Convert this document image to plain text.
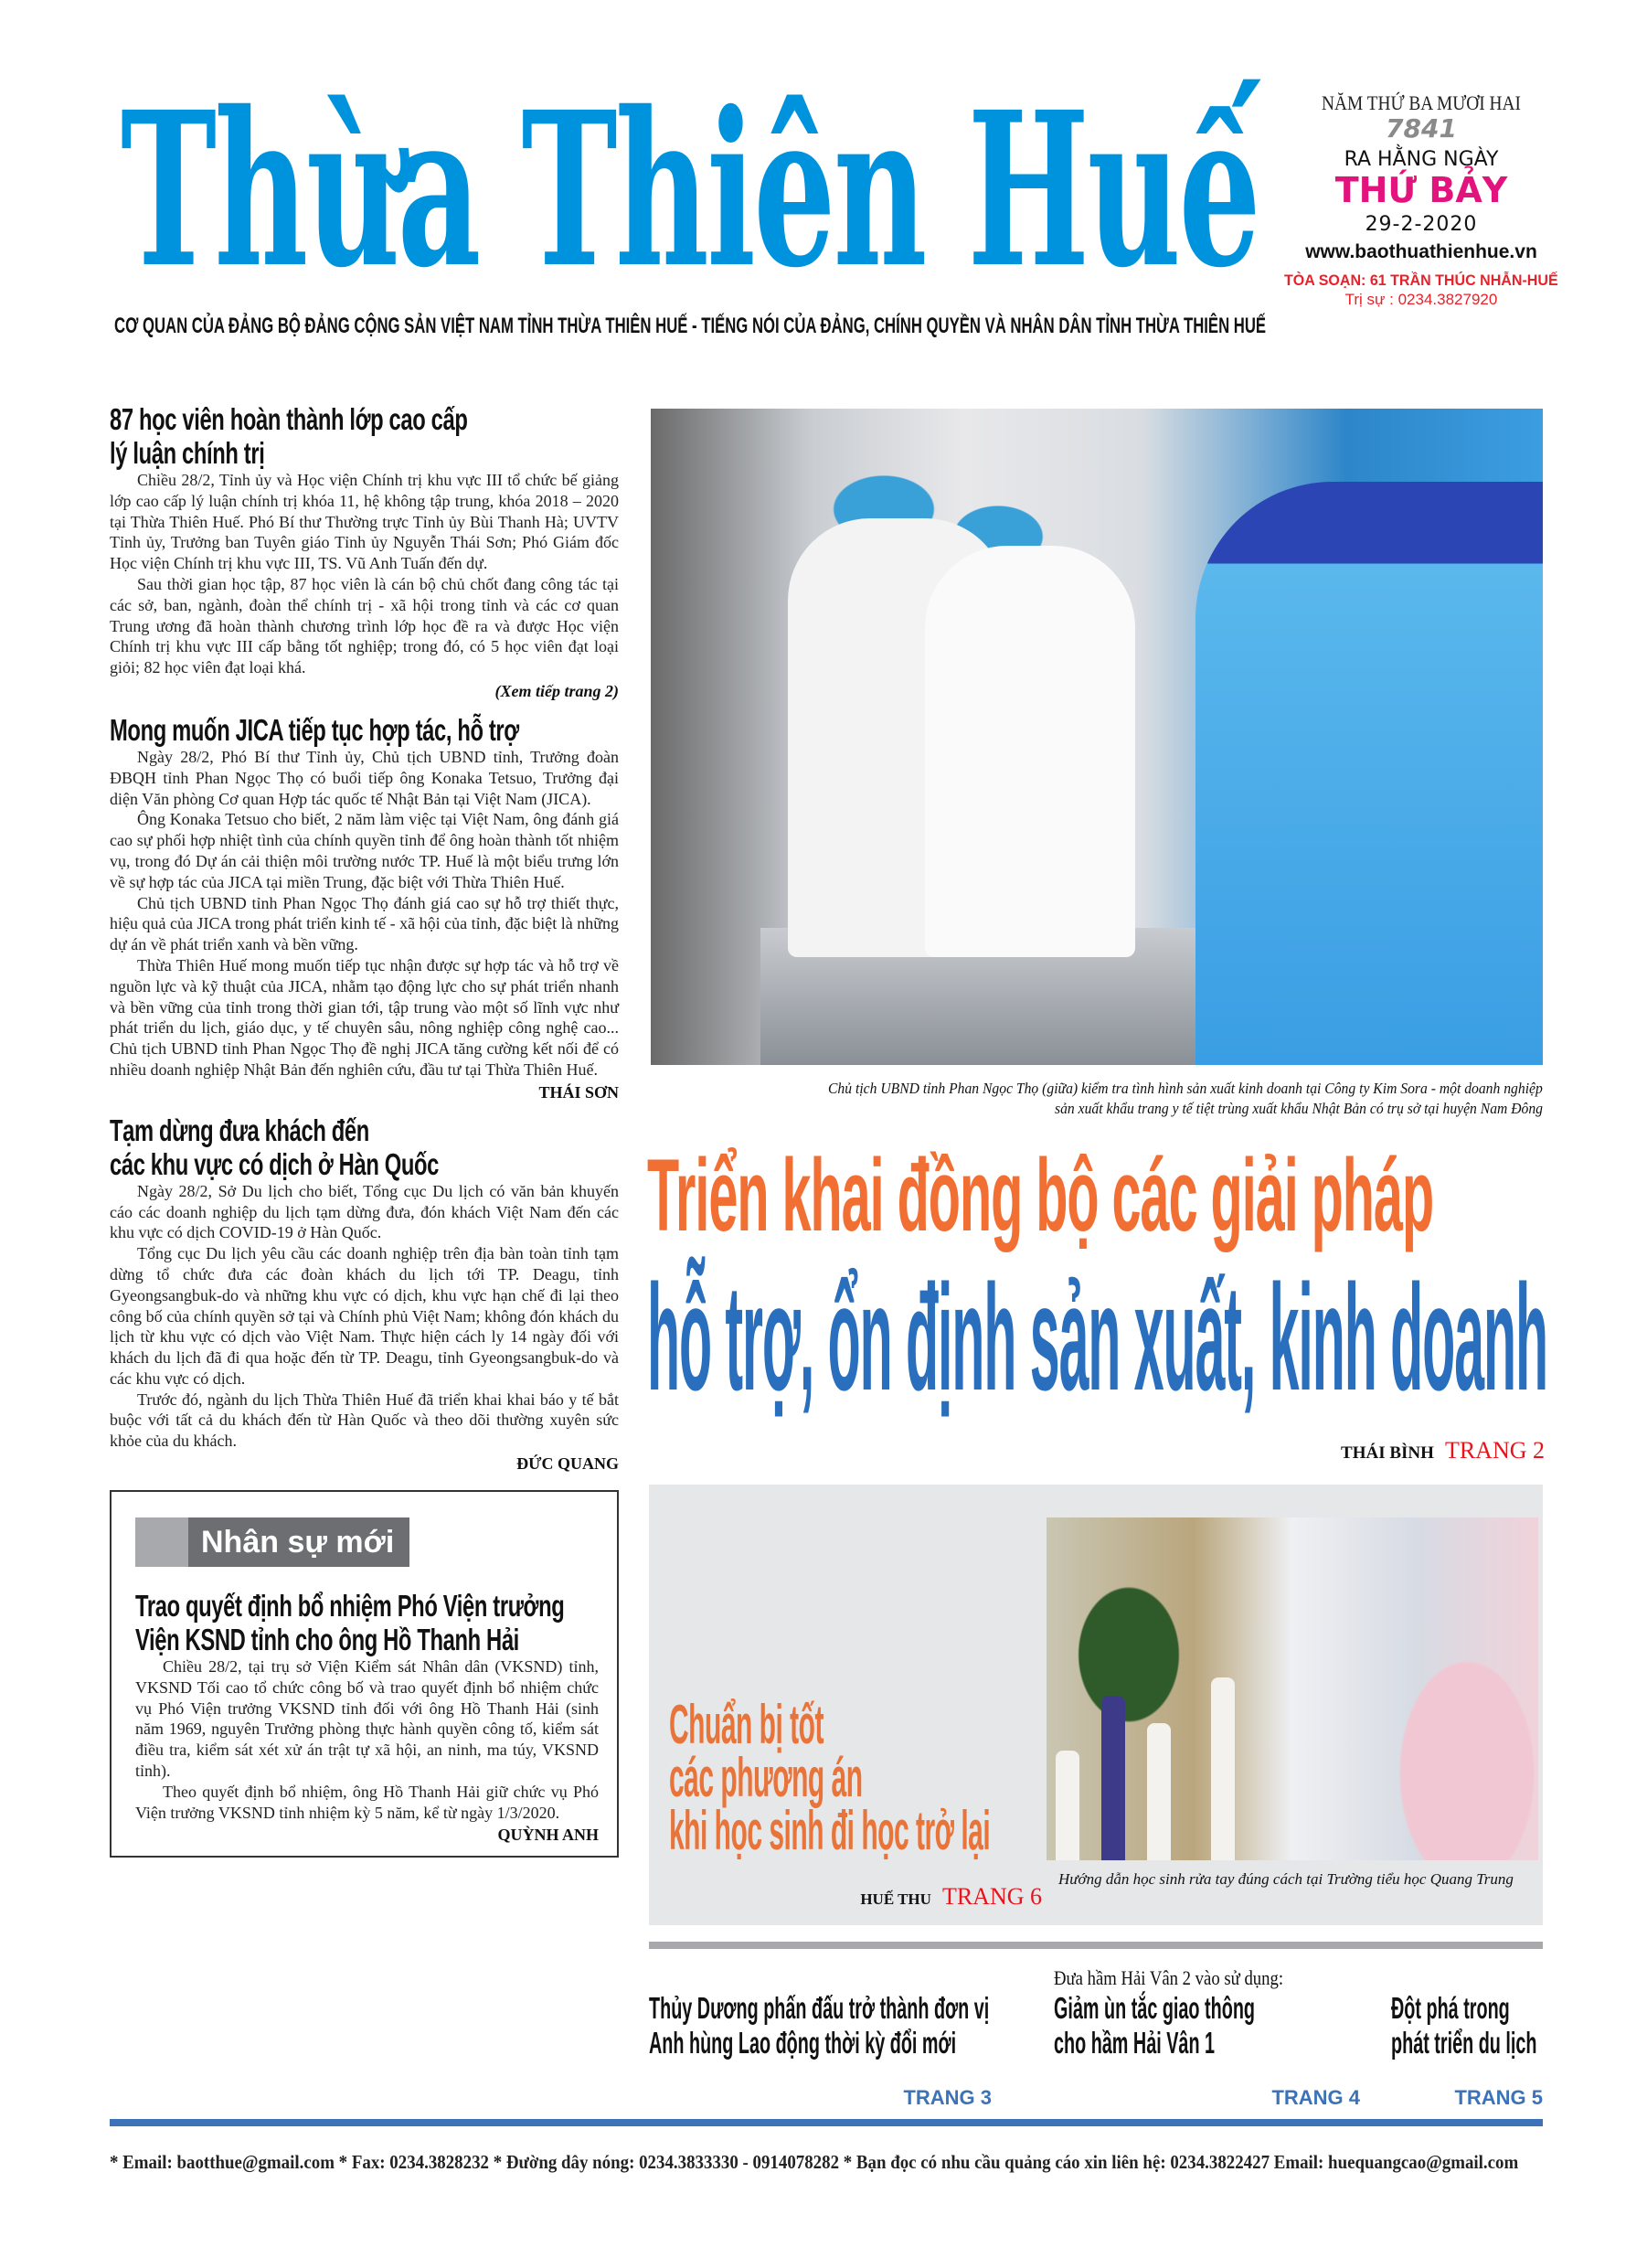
Thừa Thiên Huế	NĂM THỨ BA MƯƠI HAI
7841
RA HẰNG NGÀY
THỨ BẢY
29-2-2020
www.baothuathienhue.vn
TÒA SOẠN: 61 TRẦN THÚC NHẪN-HUẾ
Trị sự : 0234.3827920
CƠ QUAN CỦA ĐẢNG BỘ ĐẢNG CỘNG SẢN VIỆT NAM TỈNH THỪA THIÊN HUẾ - TIẾNG NÓI CỦA ĐẢNG, CHÍNH QUYỀN VÀ NHÂN DÂN TỈNH THỪA THIÊN HUẾ
87 học viên hoàn thành lớp cao cấp
lý luận chính trị

Chiều 28/2, Tỉnh ủy và Học viện Chính trị khu vực III tổ chức bế giảng lớp cao cấp lý luận chính trị khóa 11, hệ không tập trung, khóa 2018 – 2020 tại Thừa Thiên Huế. Phó Bí thư Thường trực Tỉnh ủy Bùi Thanh Hà; UVTV Tỉnh ủy, Trưởng ban Tuyên giáo Tỉnh ủy Nguyễn Thái Sơn; Phó Giám đốc Học viện Chính trị khu vực III, TS. Vũ Anh Tuấn đến dự.

Sau thời gian học tập, 87 học viên là cán bộ chủ chốt đang công tác tại các sở, ban, ngành, đoàn thể chính trị - xã hội trong tỉnh và các cơ quan Trung ương đã hoàn thành chương trình lớp học đề ra và được Học viện Chính trị khu vực III cấp bằng tốt nghiệp; trong đó, có 5 học viên đạt loại giỏi; 82 học viên đạt loại khá.

(Xem tiếp trang 2)
Mong muốn JICA tiếp tục hợp tác, hỗ trợ

Ngày 28/2, Phó Bí thư Tỉnh ủy, Chủ tịch UBND tỉnh, Trưởng đoàn ĐBQH tỉnh Phan Ngọc Thọ có buổi tiếp ông Konaka Tetsuo, Trưởng đại diện Văn phòng Cơ quan Hợp tác quốc tế Nhật Bản tại Việt Nam (JICA).

Ông Konaka Tetsuo cho biết, 2 năm làm việc tại Việt Nam, ông đánh giá cao sự phối hợp nhiệt tình của chính quyền tỉnh để ông hoàn thành tốt nhiệm vụ, trong đó Dự án cải thiện môi trường nước TP. Huế là một biểu trưng lớn về sự hợp tác của JICA tại miền Trung, đặc biệt với Thừa Thiên Huế.

Chủ tịch UBND tỉnh Phan Ngọc Thọ đánh giá cao sự hỗ trợ thiết thực, hiệu quả của JICA trong phát triển kinh tế - xã hội của tỉnh, đặc biệt là những dự án về phát triển xanh và bền vững.

Thừa Thiên Huế mong muốn tiếp tục nhận được sự hợp tác và hỗ trợ về nguồn lực và kỹ thuật của JICA, nhằm tạo động lực cho sự phát triển nhanh và bền vững của tỉnh trong thời gian tới, tập trung vào một số lĩnh vực như phát triển du lịch, giáo dục, y tế chuyên sâu, nông nghiệp công nghệ cao... Chủ tịch UBND tỉnh Phan Ngọc Thọ đề nghị JICA tăng cường kết nối để có nhiều doanh nghiệp Nhật Bản đến nghiên cứu, đầu tư tại Thừa Thiên Huế.

THÁI SƠN
Tạm dừng đưa khách đến
các khu vực có dịch ở Hàn Quốc

Ngày 28/2, Sở Du lịch cho biết, Tổng cục Du lịch có văn bản khuyến cáo các doanh nghiệp du lịch tạm dừng đưa, đón khách Việt Nam đến các khu vực có dịch COVID-19 ở Hàn Quốc.

Tổng cục Du lịch yêu cầu các doanh nghiệp trên địa bàn toàn tỉnh tạm dừng tổ chức đưa các đoàn khách du lịch tới TP. Deagu, tỉnh Gyeongsangbuk-do và những khu vực có dịch, khu vực hạn chế đi lại theo công bố của chính quyền sở tại và Chính phủ Việt Nam; không đón khách du lịch từ khu vực có dịch vào Việt Nam. Thực hiện cách ly 14 ngày đối với khách du lịch đã đi qua hoặc đến từ TP. Deagu, tỉnh Gyeongsangbuk-do và các khu vực có dịch.

Trước đó, ngành du lịch Thừa Thiên Huế đã triển khai khai báo y tế bắt buộc với tất cả du khách đến từ Hàn Quốc và theo dõi thường xuyên sức khỏe của du khách.

ĐỨC QUANG
Nhân sự mới
Trao quyết định bổ nhiệm Phó Viện trưởng
Viện KSND tỉnh cho ông Hồ Thanh Hải

Chiều 28/2, tại trụ sở Viện Kiểm sát Nhân dân (VKSND) tỉnh, VKSND Tối cao tổ chức công bố và trao quyết định bổ nhiệm chức vụ Phó Viện trưởng VKSND tỉnh đối với ông Hồ Thanh Hải (sinh năm 1969, nguyên Trưởng phòng thực hành quyền công tố, kiểm sát điều tra, kiểm sát xét xử án trật tự xã hội, an ninh, ma túy, VKSND tỉnh).

Theo quyết định bổ nhiệm, ông Hồ Thanh Hải giữ chức vụ Phó Viện trưởng VKSND tỉnh nhiệm kỳ 5 năm, kể từ ngày 1/3/2020.

QUỲNH ANH
Chủ tịch UBND tỉnh Phan Ngọc Thọ (giữa) kiểm tra tình hình sản xuất kinh doanh tại Công ty Kim Sora - một doanh nghiệp
sản xuất khẩu trang y tế tiệt trùng xuất khẩu Nhật Bản có trụ sở tại huyện Nam Đông
Triển khai đồng bộ các giải pháp
hỗ trợ, ổn định sản xuất, kinh doanh
THÁI BÌNH TRANG 2
Chuẩn bị tốt
các phương án
khi học sinh đi học trở lại
HUẾ THU TRANG 6
Hướng dẫn học sinh rửa tay đúng cách tại Trường tiểu học Quang Trung
Thủy Dương phấn đấu trở thành đơn vị
Anh hùng Lao động thời kỳ đổi mới
TRANG 3
Đưa hầm Hải Vân 2 vào sử dụng:
Giảm ùn tắc giao thông
cho hầm Hải Vân 1
TRANG 4
Đột phá trong
phát triển du lịch
TRANG 5
* Email: baotthue@gmail.com * Fax: 0234.3828232 * Đường dây nóng: 0234.3833330 - 0914078282 * Bạn đọc có nhu cầu quảng cáo xin liên hệ: 0234.3822427 Email: huequangcao@gmail.com
